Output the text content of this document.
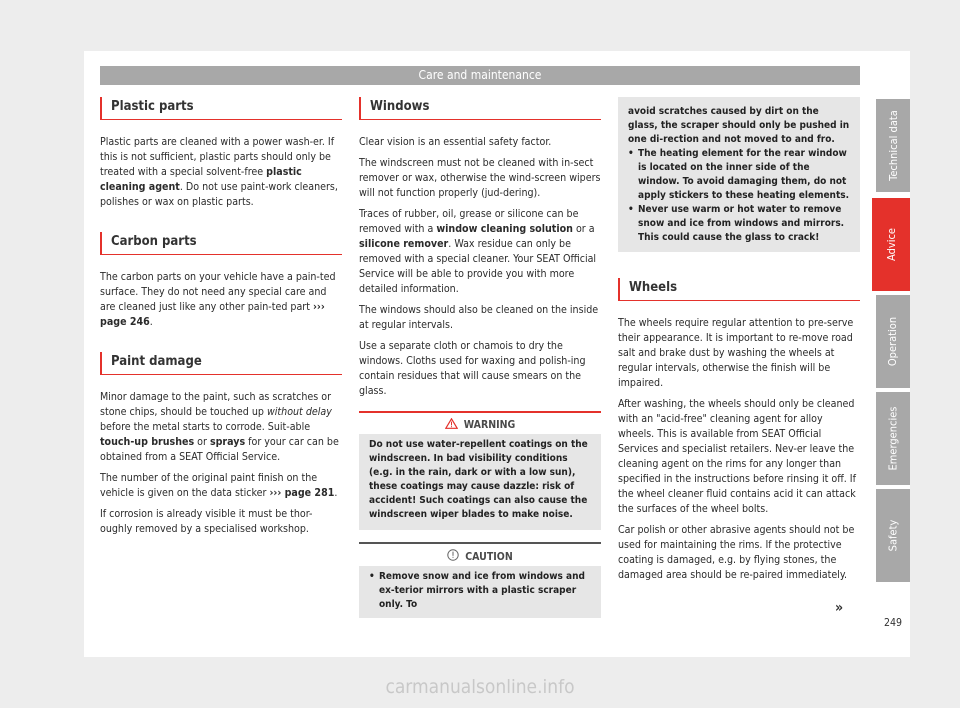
Care and maintenance
Plastic parts

Plastic parts are cleaned with a power wash-er. If this is not sufficient, plastic parts should only be treated with a special solvent-free plastic cleaning agent. Do not use paint-work cleaners, polishes or wax on plastic parts.

Carbon parts

The carbon parts on your vehicle have a pain-ted surface. They do not need any special care and are cleaned just like any other pain-ted part ››› page 246.

Paint damage

Minor damage to the paint, such as scratches or stone chips, should be touched up without delay before the metal starts to corrode. Suit-able touch-up brushes or sprays for your car can be obtained from a SEAT Official Service.

The number of the original paint finish on the vehicle is given on the data sticker ››› page 281.

If corrosion is already visible it must be thor-oughly removed by a specialised workshop.

Windows

Clear vision is an essential safety factor.

The windscreen must not be cleaned with in-sect remover or wax, otherwise the wind-screen wipers will not function properly (jud-dering).

Traces of rubber, oil, grease or silicone can be removed with a window cleaning solution or a silicone remover. Wax residue can only be removed with a special cleaner. Your SEAT Official Service will be able to provide you with more detailed information.

The windows should also be cleaned on the inside at regular intervals.

Use a separate cloth or chamois to dry the windows. Cloths used for waxing and polish-ing contain residues that will cause smears on the glass.

WARNING
Do not use water-repellent coatings on the windscreen. In bad visibility conditions (e.g. in the rain, dark or with a low sun), these coatings may cause dazzle: risk of accident! Such coatings can also cause the windscreen wiper blades to make noise.
CAUTION
• Remove snow and ice from windows and ex-terior mirrors with a plastic scraper only. To
avoid scratches caused by dirt on the glass, the scraper should only be pushed in one di-rection and not moved to and fro.
• The heating element for the rear window is located on the inner side of the window. To avoid damaging them, do not apply stickers to these heating elements.
• Never use warm or hot water to remove snow and ice from windows and mirrors. This could cause the glass to crack!
Wheels

The wheels require regular attention to pre-serve their appearance. It is important to re-move road salt and brake dust by washing the wheels at regular intervals, otherwise the finish will be impaired.

After washing, the wheels should only be cleaned with an "acid-free" cleaning agent for alloy wheels. This is available from SEAT Official Services and specialist retailers. Nev-er leave the cleaning agent on the rims for any longer than specified in the instructions before rinsing it off. If the wheel cleaner fluid contains acid it can attack the surfaces of the wheel bolts.

Car polish or other abrasive agents should not be used for maintaining the rims. If the protective coating is damaged, e.g. by flying stones, the damaged area should be re-paired immediately.

»
Technical data
Advice
Operation
Emergencies
Safety
249
carmanualsonline.info
